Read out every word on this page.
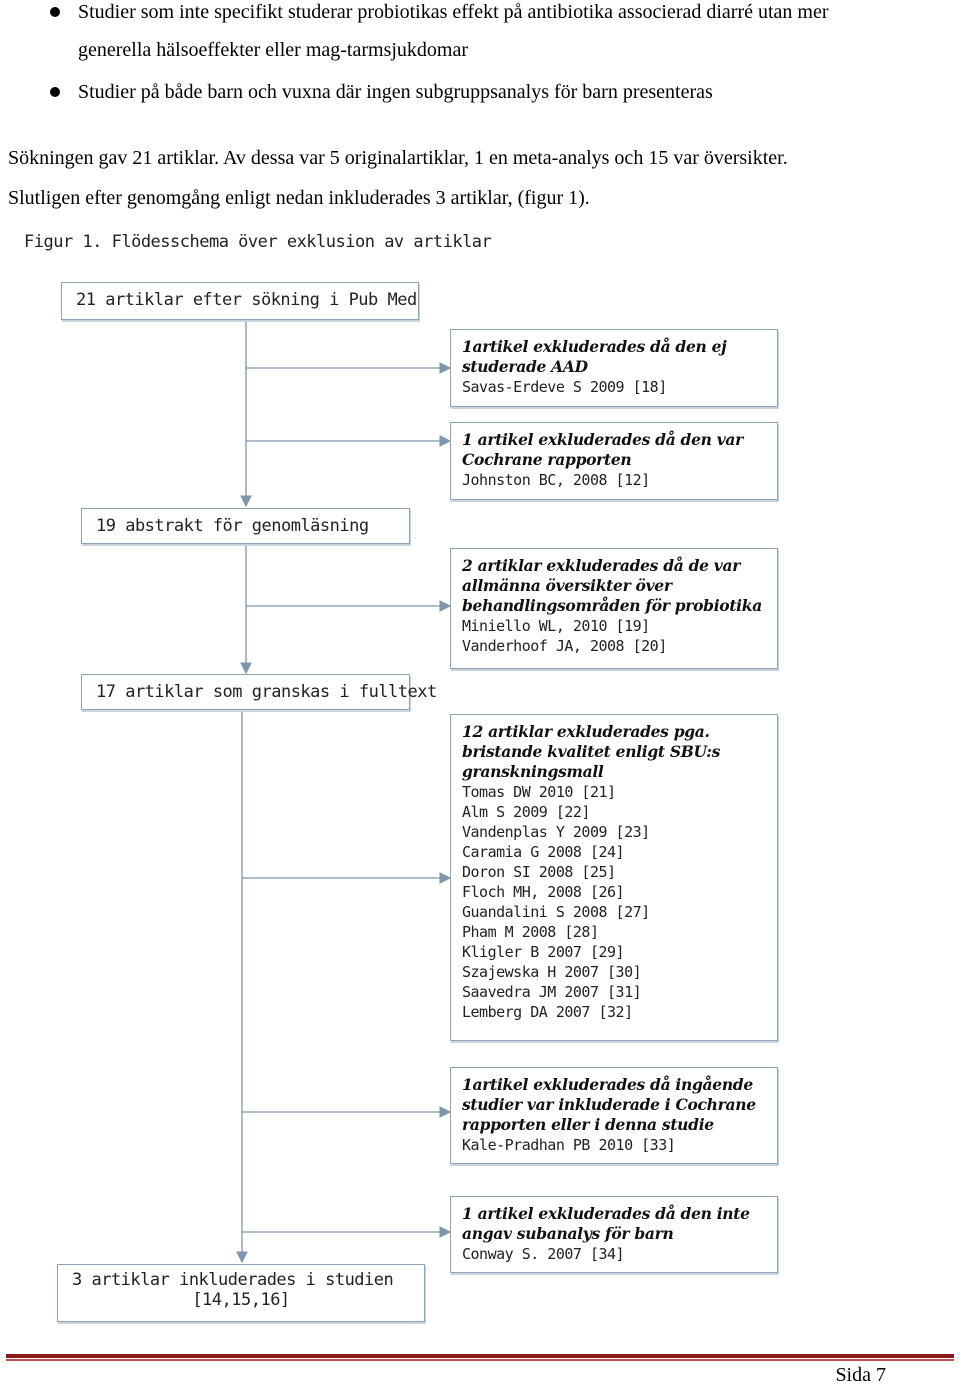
Studier som inte specifikt studerar probiotikas effekt på antibiotika associerad diarré utan mer
generella hälsoeffekter eller mag-tarmsjukdomar
Studier på både barn och vuxna där ingen subgruppsanalys för barn presenteras
Sökningen gav 21 artiklar. Av dessa var 5 originalartiklar, 1 en meta-analys och 15 var översikter.
Slutligen efter genomgång enligt nedan inkluderades 3 artiklar, (figur 1).
Figur 1. Flödesschema över exklusion av artiklar
21 artiklar efter sökning i Pub Med
19 abstrakt för genomläsning
17 artiklar som granskas i fulltext
3 artiklar inkluderades i studien
[14,15,16]
1artikel exkluderades då den ej
studerade AAD
Savas-Erdeve S 2009 [18]
1 artikel exkluderades då den var
Cochrane rapporten
Johnston BC, 2008 [12]
2 artiklar exkluderades då de var
allmänna översikter över
behandlingsområden för probiotika
Miniello WL, 2010 [19]
Vanderhoof JA, 2008 [20]
12 artiklar exkluderades pga.
bristande kvalitet enligt SBU:s
granskningsmall
Tomas DW 2010 [21]
Alm S 2009 [22]
Vandenplas Y 2009 [23]
Caramia G 2008 [24]
Doron SI 2008 [25]
Floch MH, 2008 [26]
Guandalini S 2008 [27]
Pham M 2008 [28]
Kligler B 2007 [29]
Szajewska H 2007 [30]
Saavedra JM 2007 [31]
Lemberg DA 2007 [32]
1artikel exkluderades då ingående
studier var inkluderade i Cochrane
rapporten eller i denna studie
Kale-Pradhan PB 2010 [33]
1 artikel exkluderades då den inte
angav subanalys för barn
Conway S. 2007 [34]
Sida 7
